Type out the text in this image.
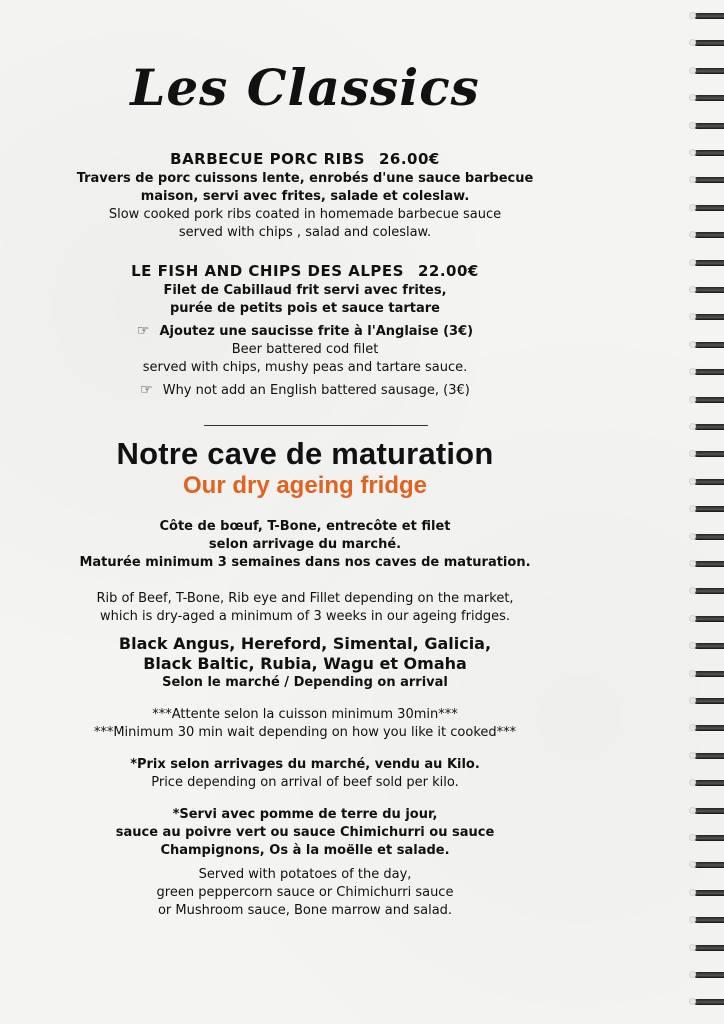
Les Classics
BARBECUE PORC RIBS 26.00€
Travers de porc cuissons lente, enrobés d'une sauce barbecue
maison, servi avec frites, salade et coleslaw.
Slow cooked pork ribs coated in homemade barbecue sauce
served with chips , salad and coleslaw.
LE FISH AND CHIPS DES ALPES 22.00€
Filet de Cabillaud frit servi avec frites,
purée de petits pois et sauce tartare
☞ Ajoutez une saucisse frite à l'Anglaise (3€)
Beer battered cod filet
served with chips, mushy peas and tartare sauce.
☞ Why not add an English battered sausage, (3€)
Notre cave de maturation
Our dry ageing fridge
Côte de bœuf, T-Bone, entrecôte et filet
selon arrivage du marché.
Maturée minimum 3 semaines dans nos caves de maturation.
Rib of Beef, T-Bone, Rib eye and Fillet depending on the market,
which is dry-aged a minimum of 3 weeks in our ageing fridges.
Black Angus, Hereford, Simental, Galicia,
Black Baltic, Rubia, Wagu et Omaha
Selon le marché / Depending on arrival
***Attente selon la cuisson minimum 30min***
***Minimum 30 min wait depending on how you like it cooked***
*Prix selon arrivages du marché, vendu au Kilo.
Price depending on arrival of beef sold per kilo.
*Servi avec pomme de terre du jour,
sauce au poivre vert ou sauce Chimichurri ou sauce
Champignons, Os à la moëlle et salade.
Served with potatoes of the day,
green peppercorn sauce or Chimichurri sauce
or Mushroom sauce, Bone marrow and salad.
